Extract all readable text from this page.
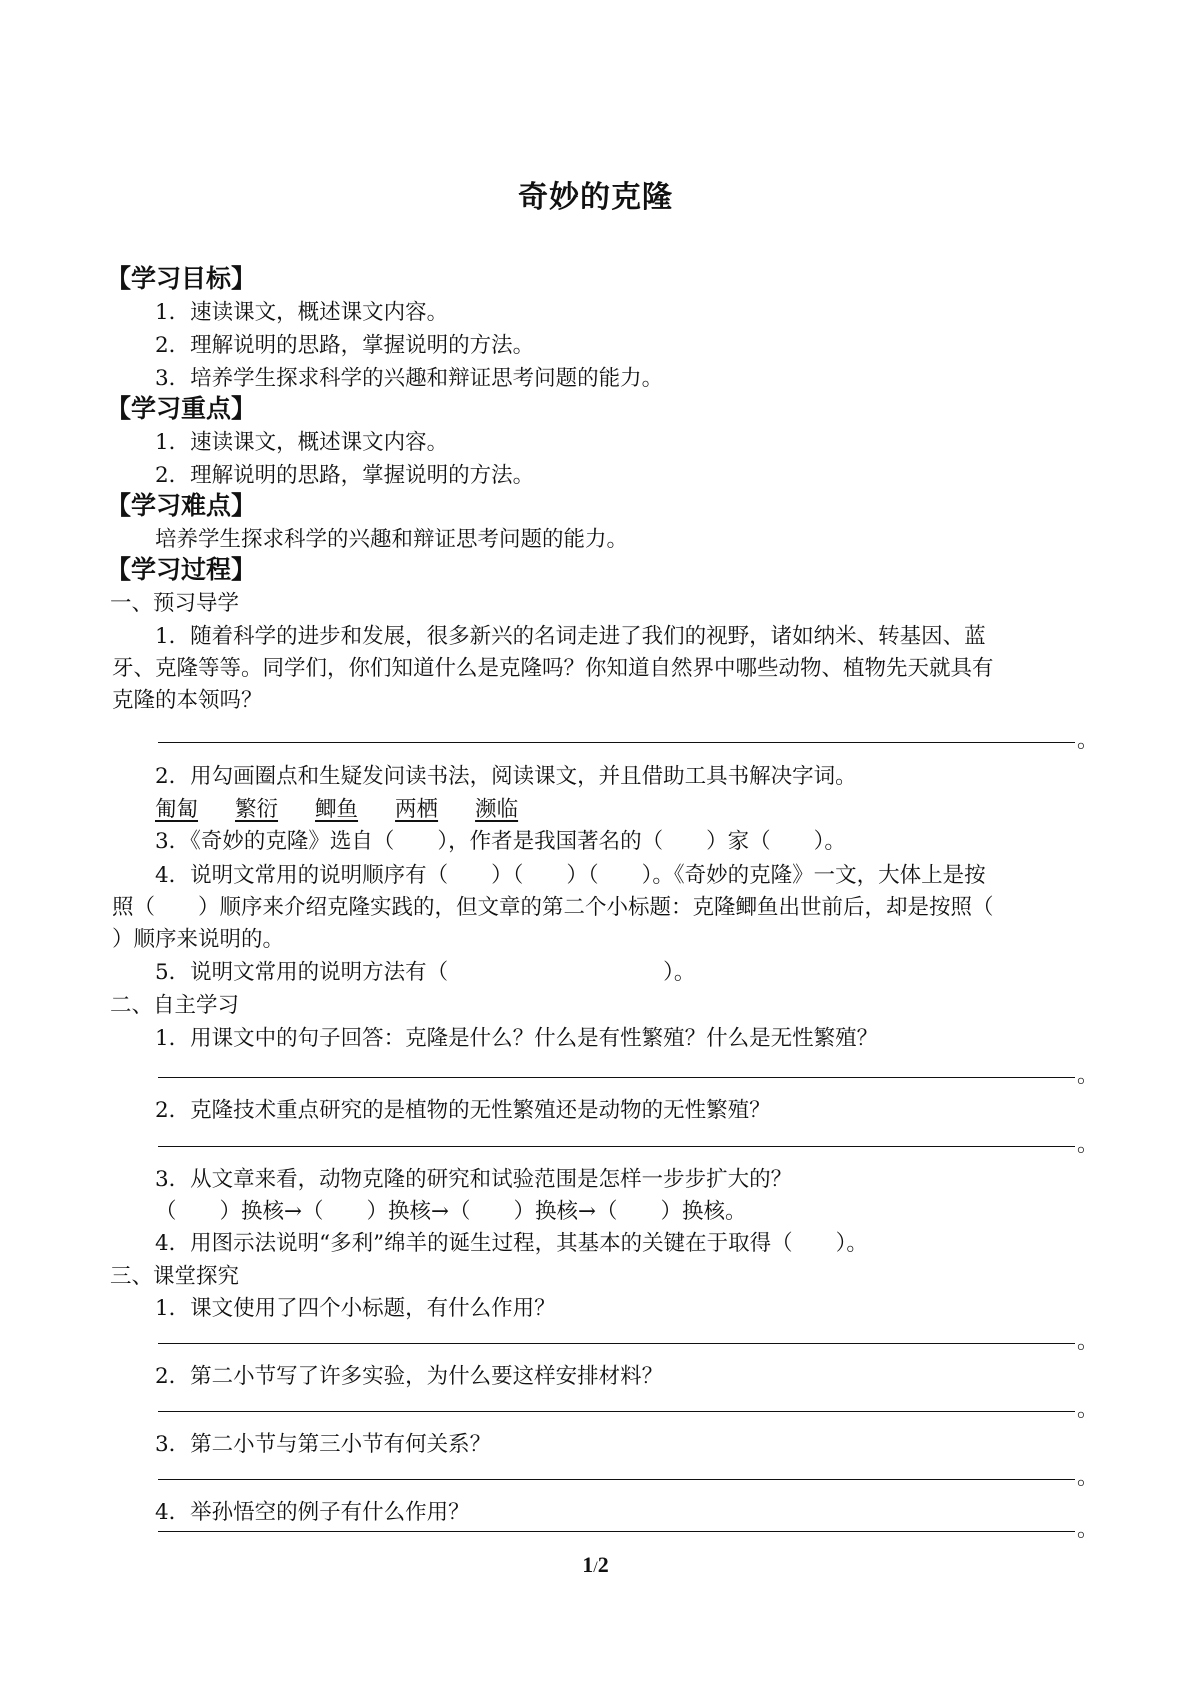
奇妙的克隆
【学习目标】
1．速读课文，概述课文内容。
2．理解说明的思路，掌握说明的方法。
3．培养学生探求科学的兴趣和辩证思考问题的能力。
【学习重点】
1．速读课文，概述课文内容。
2．理解说明的思路，掌握说明的方法。
【学习难点】
培养学生探求科学的兴趣和辩证思考问题的能力。
【学习过程】
一、预习导学
1．随着科学的进步和发展，很多新兴的名词走进了我们的视野，诸如纳米、转基因、蓝
牙、克隆等等。同学们，你们知道什么是克隆吗？你知道自然界中哪些动物、植物先天就具有
克隆的本领吗？
。
2．用勾画圈点和生疑发问读书法，阅读课文，并且借助工具书解决字词。
匍匐 繁衍 鲫鱼 两栖 濒临
3．《奇妙的克隆》选自（　　），作者是我国著名的（　　）家（　　）。
4．说明文常用的说明顺序有（　　）（　　）（　　）。《奇妙的克隆》一文，大体上是按
照（　　）顺序来介绍克隆实践的，但文章的第二个小标题：克隆鲫鱼出世前后，却是按照（
）顺序来说明的。
5．说明文常用的说明方法有（　　　　　　　　　　）。
二、自主学习
1．用课文中的句子回答：克隆是什么？什么是有性繁殖？什么是无性繁殖？
。
2．克隆技术重点研究的是植物的无性繁殖还是动物的无性繁殖？
。
3．从文章来看，动物克隆的研究和试验范围是怎样一步步扩大的？
（　　）换核→（　　）换核→（　　）换核→（　　）换核。
4．用图示法说明“多利”绵羊的诞生过程，其基本的关键在于取得（　　）。
三、课堂探究
1．课文使用了四个小标题，有什么作用？
。
2．第二小节写了许多实验，为什么要这样安排材料？
。
3．第二小节与第三小节有何关系？
。
4．举孙悟空的例子有什么作用？
。
1/2
